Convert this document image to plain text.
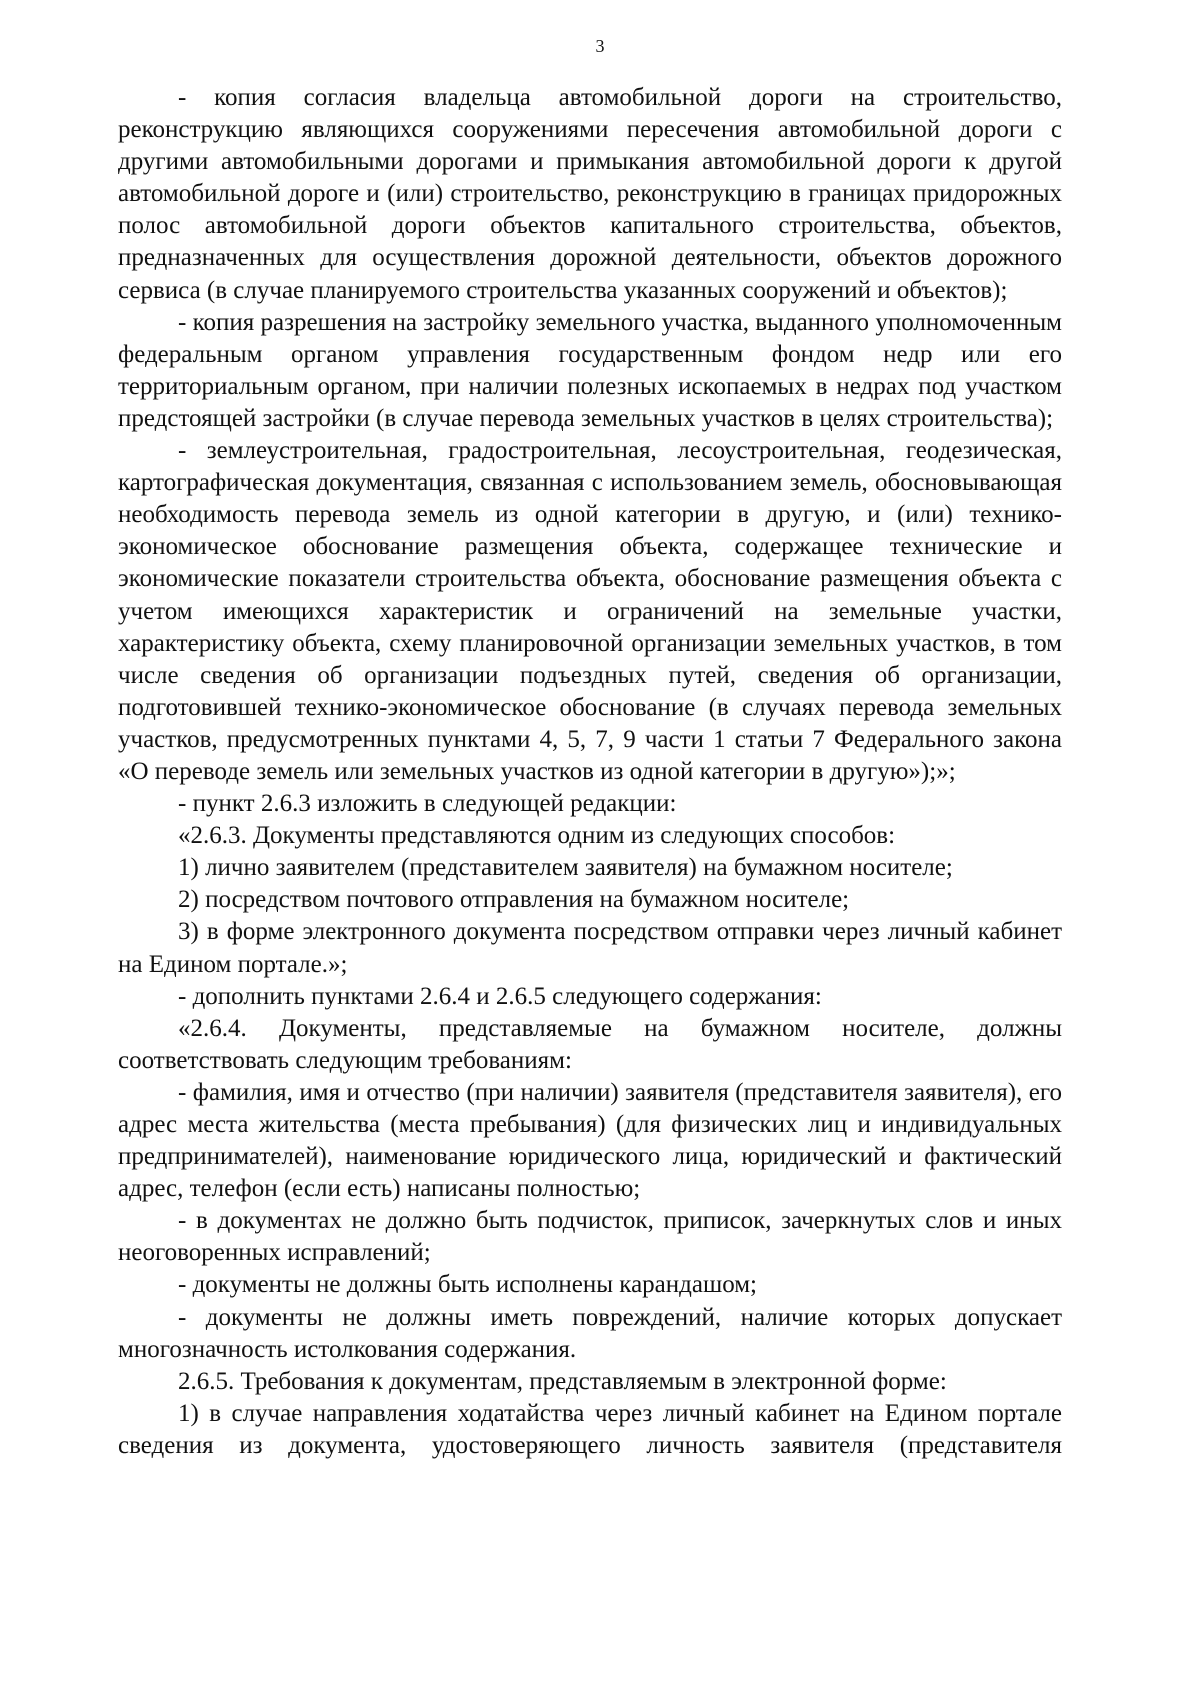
3

- копия согласия владельца автомобильной дороги на строительство, реконструкцию являющихся сооружениями пересечения автомобильной дороги с другими автомобильными дорогами и примыкания автомобильной дороги к другой автомобильной дороге и (или) строительство, реконструкцию в границах придорожных полос автомобильной дороги объектов капитального строительства, объектов, предназначенных для осуществления дорожной деятельности, объектов дорожного сервиса (в случае планируемого строительства указанных сооружений и объектов);

- копия разрешения на застройку земельного участка, выданного уполномоченным федеральным органом управления государственным фондом недр или его территориальным органом, при наличии полезных ископаемых в недрах под участком предстоящей застройки (в случае перевода земельных участков в целях строительства);

- землеустроительная, градостроительная, лесоустроительная, геодезическая, картографическая документация, связанная с использованием земель, обосновывающая необходимость перевода земель из одной категории в другую, и (или) технико-экономическое обоснование размещения объекта, содержащее технические и экономические показатели строительства объекта, обоснование размещения объекта с учетом имеющихся характеристик и ограничений на земельные участки, характеристику объекта, схему планировочной организации земельных участков, в том числе сведения об организации подъездных путей, сведения об организации, подготовившей технико-экономическое обоснование (в случаях перевода земельных участков, предусмотренных пунктами 4, 5, 7, 9 части 1 статьи 7 Федерального закона «О переводе земель или земельных участков из одной категории в другую»);»;

- пункт 2.6.3 изложить в следующей редакции:

«2.6.3. Документы представляются одним из следующих способов:

1) лично заявителем (представителем заявителя) на бумажном носителе;

2) посредством почтового отправления на бумажном носителе;

3) в форме электронного документа посредством отправки через личный кабинет на Едином портале.»;

- дополнить пунктами 2.6.4 и 2.6.5 следующего содержания:

«2.6.4. Документы, представляемые на бумажном носителе, должны соответствовать следующим требованиям:

- фамилия, имя и отчество (при наличии) заявителя (представителя заявителя), его адрес места жительства (места пребывания) (для физических лиц и индивидуальных предпринимателей), наименование юридического лица, юридический и фактический адрес, телефон (если есть) написаны полностью;

- в документах не должно быть подчисток, приписок, зачеркнутых слов и иных неоговоренных исправлений;

- документы не должны быть исполнены карандашом;

- документы не должны иметь повреждений, наличие которых допускает многозначность истолкования содержания.

2.6.5. Требования к документам, представляемым в электронной форме:

1) в случае направления ходатайства через личный кабинет на Едином портале сведения из документа, удостоверяющего личность заявителя (представителя
